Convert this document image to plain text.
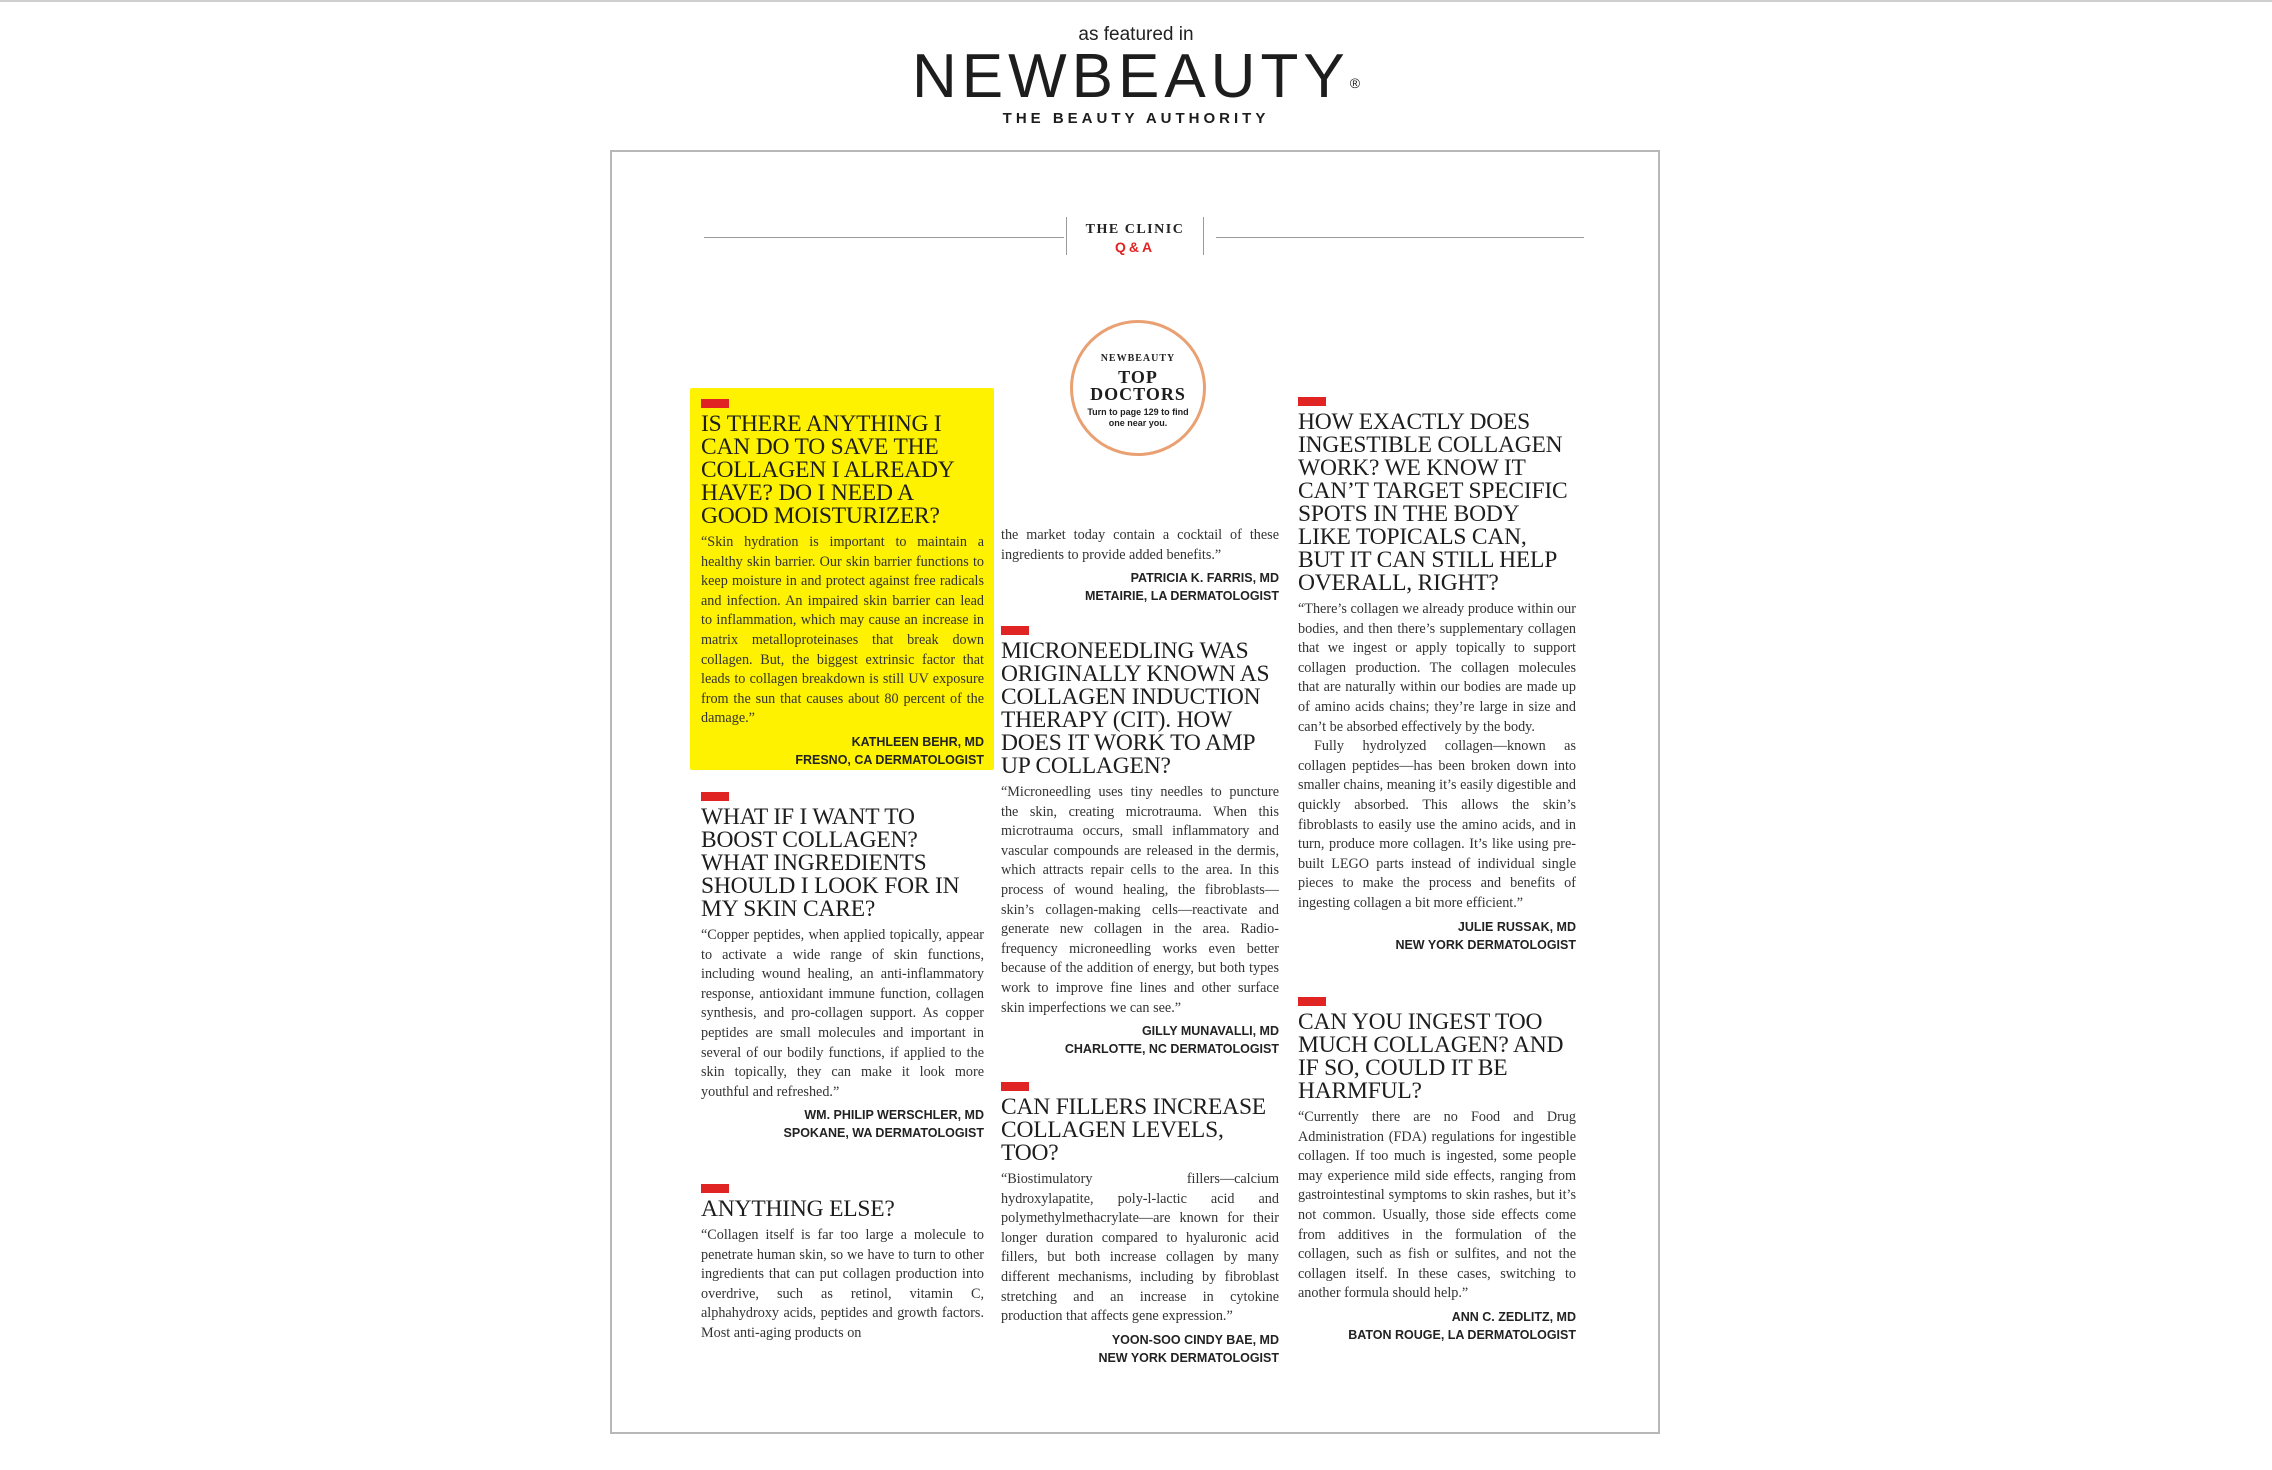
as featured in
NEWBEAUTY®
THE BEAUTY AUTHORITY
THE CLINIC
Q&A
NEWBEAUTY
TOP
DOCTORS
Turn to page 129 to find one near you.
IS THERE ANYTHING I CAN DO TO SAVE THE COLLAGEN I ALREADY HAVE? DO I NEED A GOOD MOISTURIZER?

“Skin hydration is important to maintain a healthy skin barrier. Our skin barrier functions to keep moisture in and protect against free radicals and infection. An impaired skin barrier can lead to inflammation, which may cause an increase in matrix metalloproteinases that break down collagen. But, the biggest extrinsic factor that leads to collagen breakdown is still UV exposure from the sun that causes about 80 percent of the damage.”

KATHLEEN BEHR, MD
FRESNO, CA DERMATOLOGIST
WHAT IF I WANT TO BOOST COLLAGEN? WHAT INGREDIENTS SHOULD I LOOK FOR IN MY SKIN CARE?

“Copper peptides, when applied topically, appear to activate a wide range of skin functions, including wound healing, an anti-inflammatory response, antioxidant immune function, collagen synthesis, and pro-collagen support. As copper peptides are small molecules and important in several of our bodily functions, if applied to the skin topically, they can make it look more youthful and refreshed.”

WM. PHILIP WERSCHLER, MD
SPOKANE, WA DERMATOLOGIST
ANYTHING ELSE?

“Collagen itself is far too large a molecule to penetrate human skin, so we have to turn to other ingredients that can put collagen production into overdrive, such as retinol, vitamin C, alphahydroxy acids, peptides and growth factors. Most anti-aging products on

the market today contain a cocktail of these ingredients to provide added benefits.”

PATRICIA K. FARRIS, MD
METAIRIE, LA DERMATOLOGIST
MICRONEEDLING WAS ORIGINALLY KNOWN AS COLLAGEN INDUCTION THERAPY (CIT). HOW DOES IT WORK TO AMP UP COLLAGEN?

“Microneedling uses tiny needles to puncture the skin, creating microtrauma. When this microtrauma occurs, small inflammatory and vascular compounds are released in the dermis, which attracts repair cells to the area. In this process of wound healing, the fibroblasts—skin’s collagen-making cells—reactivate and generate new collagen in the area. Radio-frequency microneedling works even better because of the addition of energy, but both types work to improve fine lines and other surface skin imperfections we can see.”

GILLY MUNAVALLI, MD
CHARLOTTE, NC DERMATOLOGIST
CAN FILLERS INCREASE COLLAGEN LEVELS, TOO?

“Biostimulatory fillers—calcium hydroxylapatite, poly-l-lactic acid and polymethylmethacrylate—are known for their longer duration compared to hyaluronic acid fillers, but both increase collagen by many different mechanisms, including by fibroblast stretching and an increase in cytokine production that affects gene expression.”

YOON-SOO CINDY BAE, MD
NEW YORK DERMATOLOGIST
HOW EXACTLY DOES INGESTIBLE COLLAGEN WORK? WE KNOW IT CAN’T TARGET SPECIFIC SPOTS IN THE BODY LIKE TOPICALS CAN, BUT IT CAN STILL HELP OVERALL, RIGHT?

“There’s collagen we already produce within our bodies, and then there’s supplementary collagen that we ingest or apply topically to support collagen production. The collagen molecules that are naturally within our bodies are made up of amino acids chains; they’re large in size and can’t be absorbed effectively by the body.

Fully hydrolyzed collagen—known as collagen peptides—has been broken down into smaller chains, meaning it’s easily digestible and quickly absorbed. This allows the skin’s fibroblasts to easily use the amino acids, and in turn, produce more collagen. It’s like using pre-built LEGO parts instead of individual single pieces to make the process and benefits of ingesting collagen a bit more efficient.”

JULIE RUSSAK, MD
NEW YORK DERMATOLOGIST
CAN YOU INGEST TOO MUCH COLLAGEN? AND IF SO, COULD IT BE HARMFUL?

“Currently there are no Food and Drug Administration (FDA) regulations for ingestible collagen. If too much is ingested, some people may experience mild side effects, ranging from gastrointestinal symptoms to skin rashes, but it’s not common. Usually, those side effects come from additives in the formulation of the collagen, such as fish or sulfites, and not the collagen itself. In these cases, switching to another formula should help.”

ANN C. ZEDLITZ, MD
BATON ROUGE, LA DERMATOLOGIST
